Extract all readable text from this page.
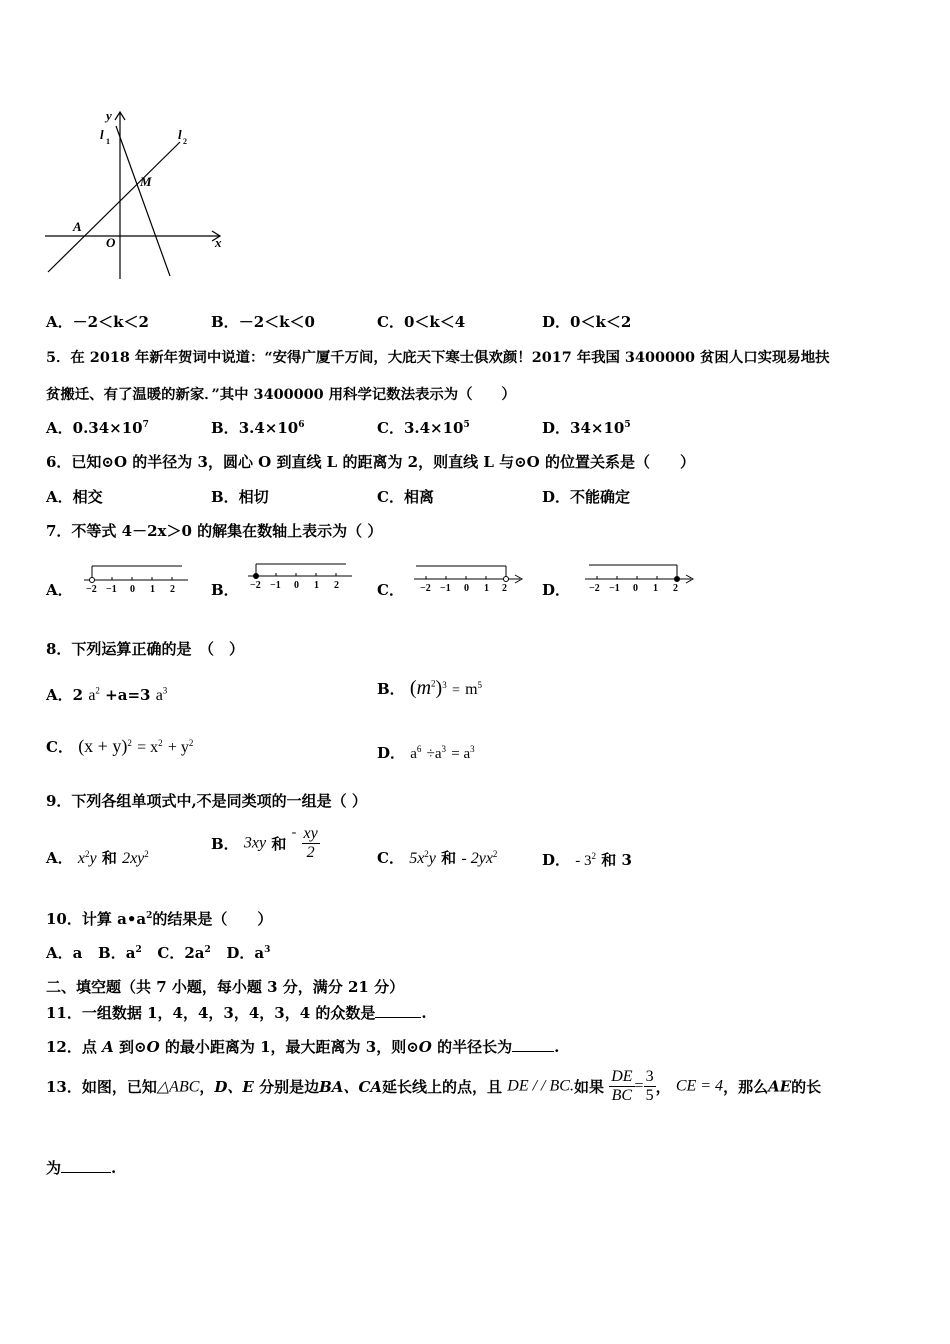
y
x
l 1	l 2
M
A
O
A．－2＜k＜2	B．－2＜k＜0	C．0＜k＜4	D．0＜k＜2
5．在 2018 年新年贺词中说道：“安得广厦千万间，大庇天下寒士俱欢颜！2017 年我国 3400000 贫困人口实现易地扶
贫搬迁、有了温暖的新家．”其中 3400000 用科学记数法表示为（　　）
A．$0.34\times 10^7$	B．$3.4\times 10^6$	C．$3.4\times 10^5$	D．$34\times 10^5$
6．已知⊙O 的半径为 3，圆心 O 到直线 L 的距离为 2，则直线 L 与⊙O 的位置关系是（　　）
A．相交	B．相切	C．相离	D．不能确定
7．不等式 4－2x＞0 的解集在数轴上表示为（ ）
A． −2 −1 0 1 2 B． −2 −1 0 1 2	C． −2 −1 0 1 2 D． −2 −1 0 1 2
8．下列运算正确的是　（　）
A．2 $a^2 +a=3$ $a^3$	B． $(m^2)^3 = m^5$
C． $(x + y)^2 = x^2 + y^2$
D． $a^6 \div a^3 = a^3$
9．下列各组单项式中,不是同类项的一组是（ ）
A． $x^2y$ 和 $2xy^2$
B． 3xy 和 - $\frac{xy}{2}$	C． $5x^2y$ 和 - $2yx^2$	D． - $3^2$ 和 3
10．计算 $a•a^2$的结果是（　　）
A．a B．$a^2$ C．$2a^2$ D．$a^3$
二、填空题（共 7 小题，每小题 3 分，满分 21 分）
11．一组数据 1，4，4，3，4，3，4 的众数是	.
12．点 A 到⊙O 的最小距离为 1，最大距离为 3，则⊙O 的半径长为	.
13．如图，已知△ABC，D、E 分别是边BA、CA延长线上的点，且 DE / / BC.如果 $\frac{DE}{BC} = \frac{3}{5}$ ， CE = 4，那么AE的长
为	.
